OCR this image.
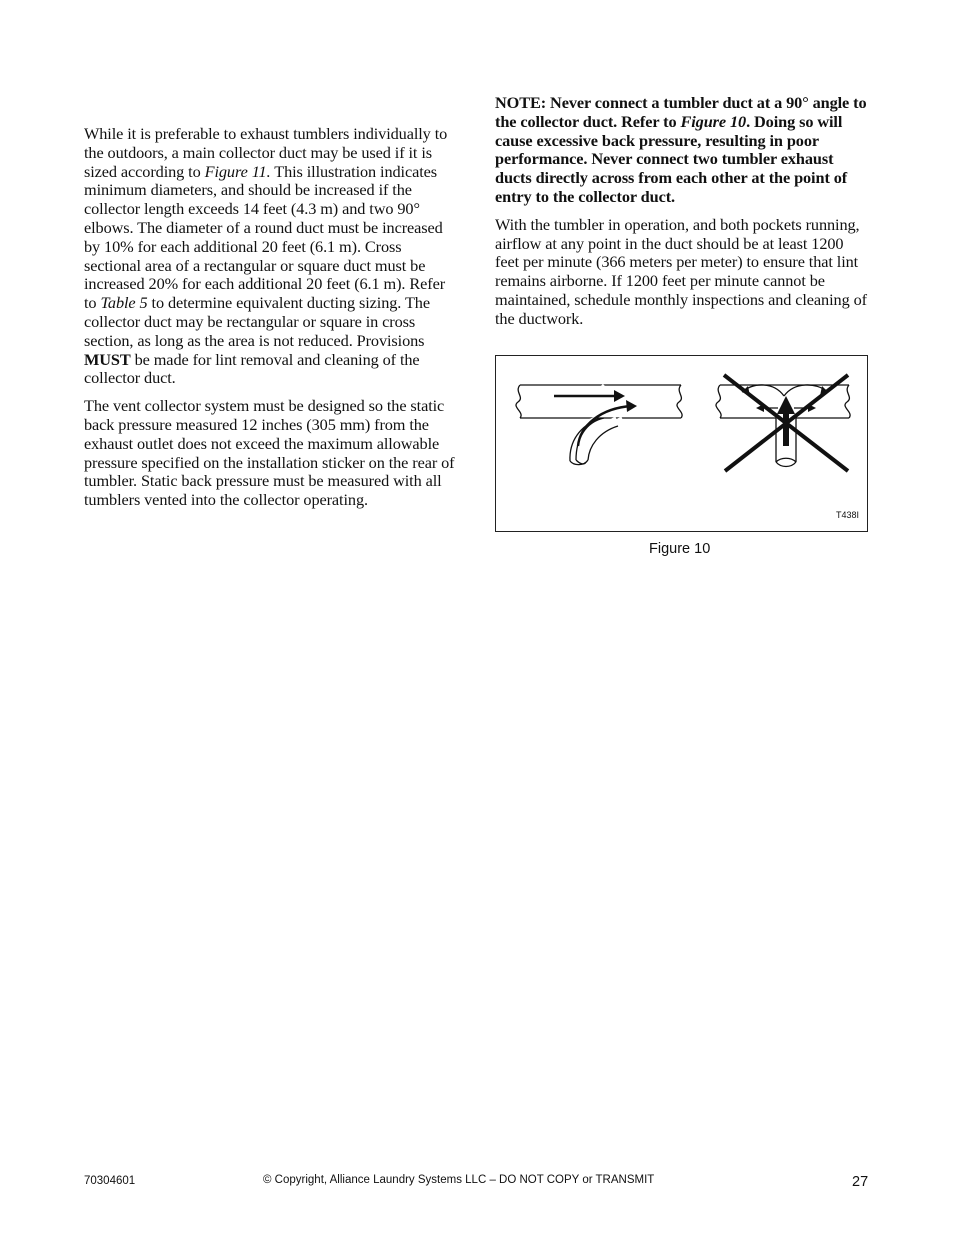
While it is preferable to exhaust tumblers individually to the outdoors, a main collector duct may be used if it is sized according to Figure 11. This illustration indicates minimum diameters, and should be increased if the collector length exceeds 14 feet (4.3 m) and two 90° elbows. The diameter of a round duct must be increased by 10% for each additional 20 feet (6.1 m). Cross sectional area of a rectangular or square duct must be increased 20% for each additional 20 feet (6.1 m). Refer to Table 5 to determine equivalent ducting sizing. The collector duct may be rectangular or square in cross section, as long as the area is not reduced. Provisions MUST be made for lint removal and cleaning of the collector duct.

The vent collector system must be designed so the static back pressure measured 12 inches (305 mm) from the exhaust outlet does not exceed the maximum allowable pressure specified on the installation sticker on the rear of tumbler. Static back pressure must be measured with all tumblers vented into the collector operating.

NOTE: Never connect a tumbler duct at a 90° angle to the collector duct. Refer to Figure 10. Doing so will cause excessive back pressure, resulting in poor performance. Never connect two tumbler exhaust ducts directly across from each other at the point of entry to the collector duct.

With the tumbler in operation, and both pockets running, airflow at any point in the duct should be at least 1200 feet per minute (366 meters per meter) to ensure that lint remains airborne. If 1200 feet per minute cannot be maintained, schedule monthly inspections and cleaning of the ductwork.

T438I
Figure 10
70304601	© Copyright, Alliance Laundry Systems LLC – DO NOT COPY or TRANSMIT	27
